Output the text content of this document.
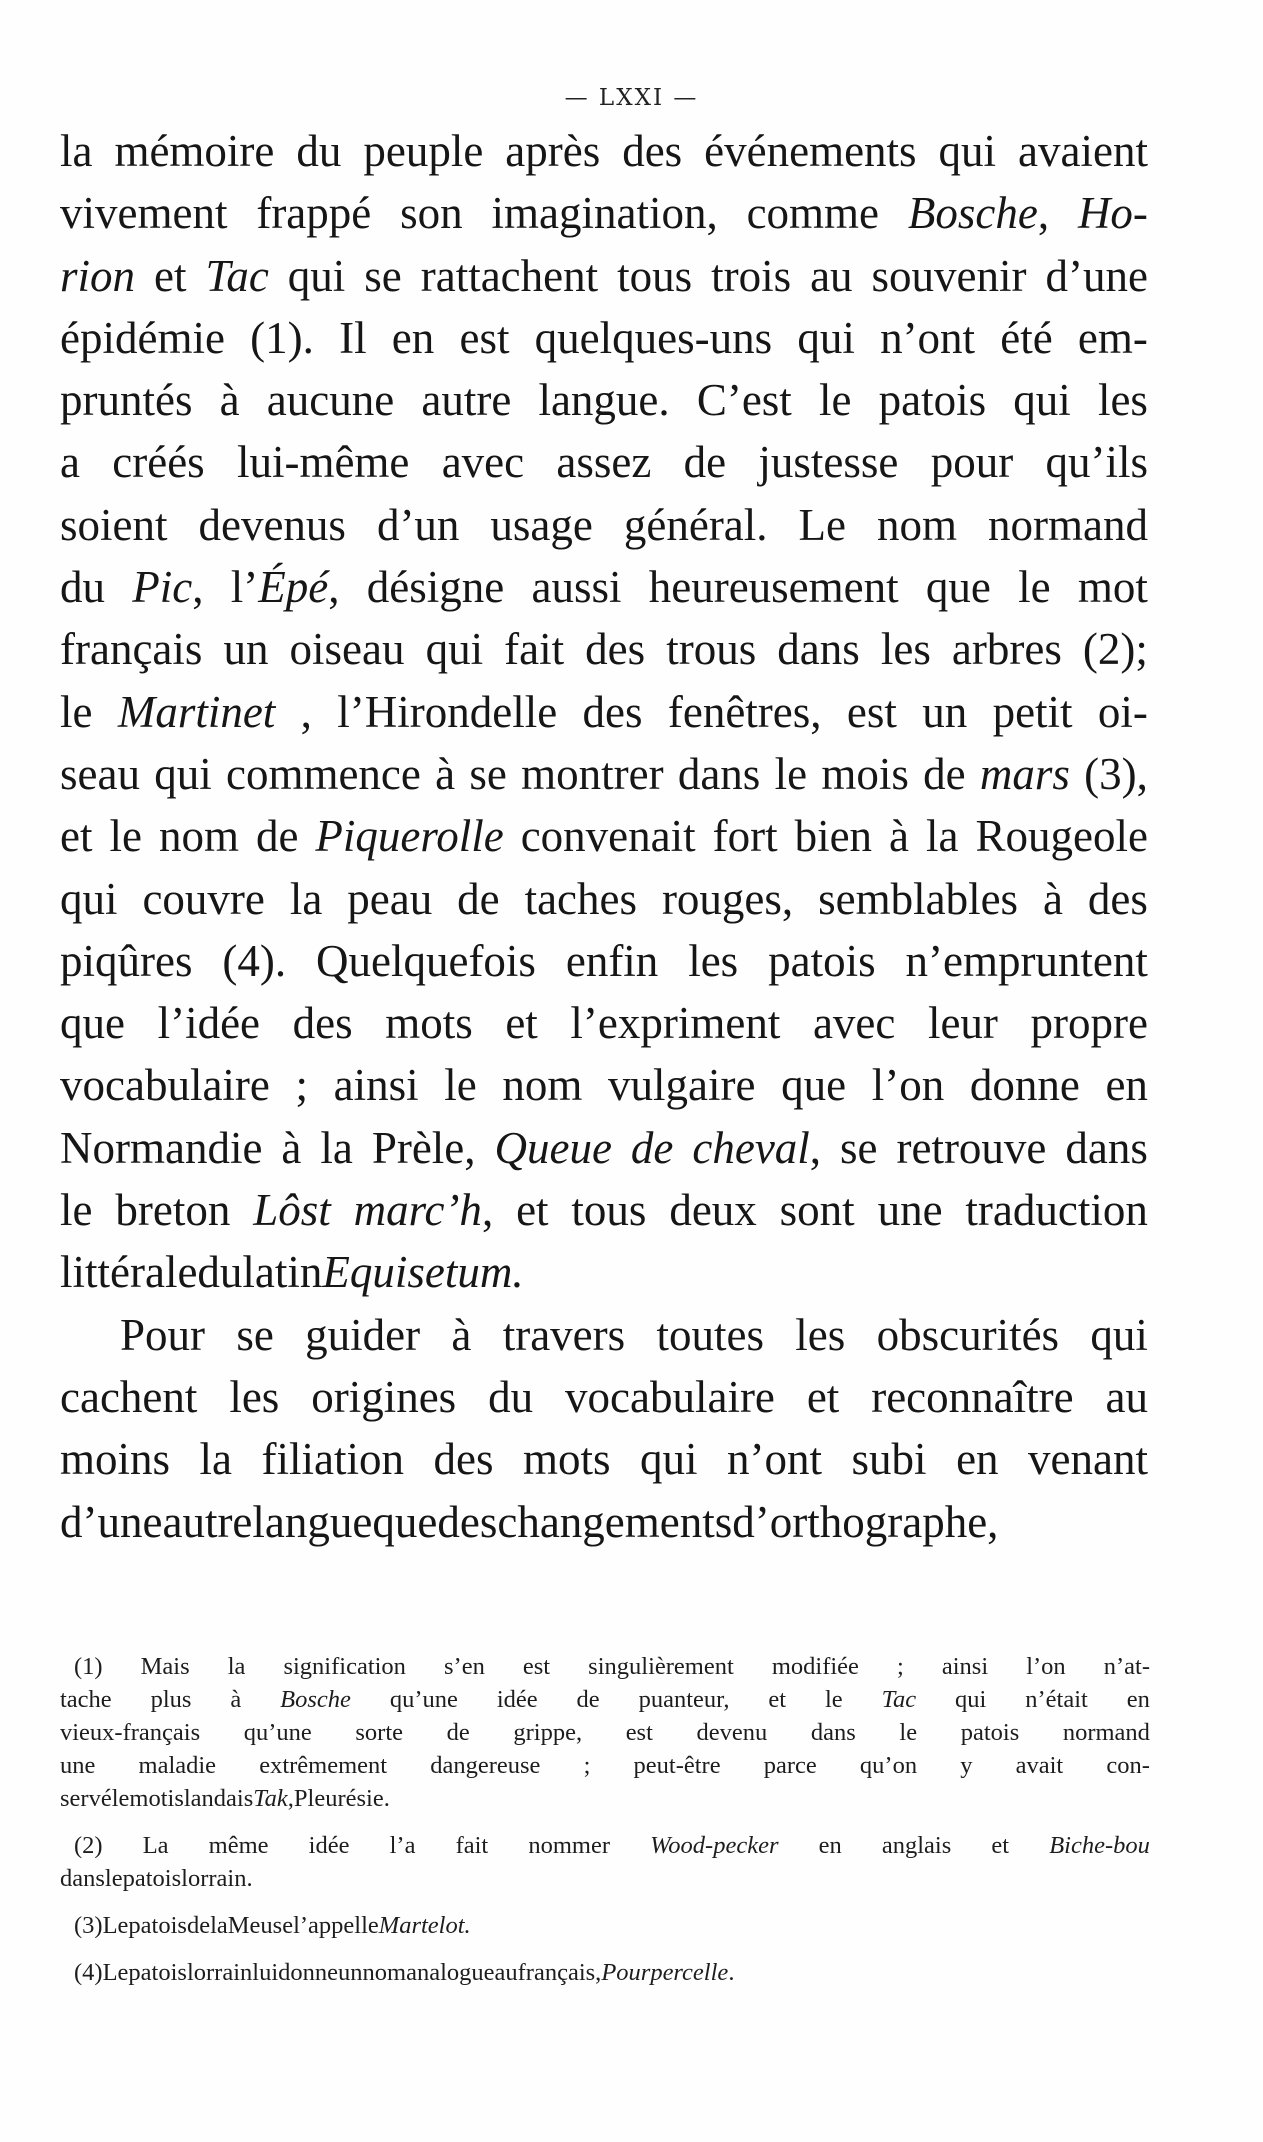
— LXXI —
la mémoire du peuple après des événements qui avaient
vivement frappé son imagination, comme Bosche, Ho-
rion et Tac qui se rattachent tous trois au souvenir d’une
épidémie (1). Il en est quelques-uns qui n’ont été em-
pruntés à aucune autre langue. C’est le patois qui les
a créés lui-même avec assez de justesse pour qu’ils
soient devenus d’un usage général. Le nom normand
du Pic, l’Épé, désigne aussi heureusement que le mot
français un oiseau qui fait des trous dans les arbres (2);
le Martinet , l’Hirondelle des fenêtres, est un petit oi-
seau qui commence à se montrer dans le mois de mars (3),
et le nom de Piquerolle convenait fort bien à la Rougeole
qui couvre la peau de taches rouges, semblables à des
piqûres (4). Quelquefois enfin les patois n’empruntent
que l’idée des mots et l’expriment avec leur propre
vocabulaire ; ainsi le nom vulgaire que l’on donne en
Normandie à la Prèle, Queue de cheval, se retrouve dans
le breton Lôst marc’h, et tous deux sont une traduction
littérale du latin Equisetum.
Pour se guider à travers toutes les obscurités qui
cachent les origines du vocabulaire et reconnaître au
moins la filiation des mots qui n’ont subi en venant
d’une autre langue que des changements d’orthographe,
(1) Mais la signification s’en est singulièrement modifiée ; ainsi l’on n’at-
tache plus à Bosche qu’une idée de puanteur, et le Tac qui n’était en
vieux-français qu’une sorte de grippe, est devenu dans le patois normand
une maladie extrêmement dangereuse ; peut-être parce qu’on y avait con-
servé le mot islandais Tak, Pleurésie.
(2) La même idée l’a fait nommer Wood-pecker en anglais et Biche-bou
dans le patois lorrain.
(3) Le patois de la Meuse l’appelle Martelot.
(4) Le patois lorrain lui donne un nom analogue au français, Pourpercelle .
